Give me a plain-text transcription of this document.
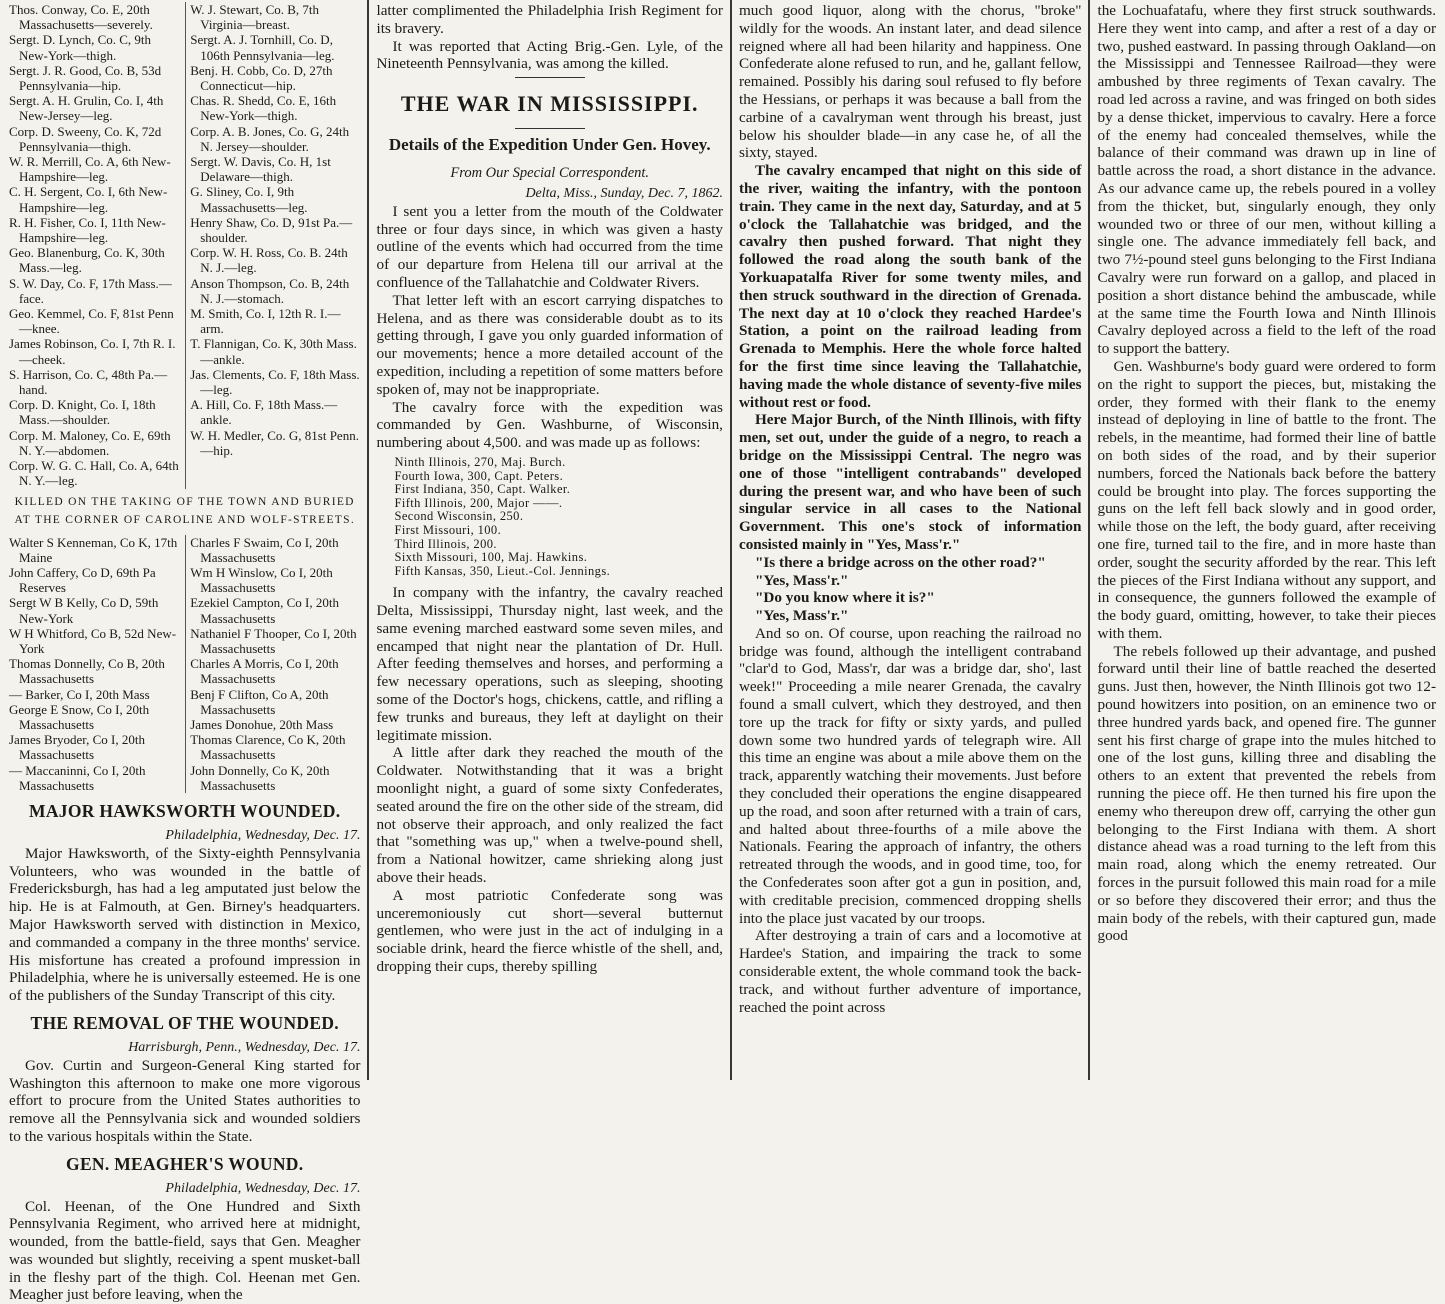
Thos. Conway, Co. E, 20th Massachusetts—severely.
Sergt. D. Lynch, Co. C, 9th New-York—thigh.
Sergt. J. R. Good, Co. B, 53d Pennsylvania—hip.
Sergt. A. H. Grulin, Co. I, 4th New-Jersey—leg.
Corp. D. Sweeny, Co. K, 72d Pennsylvania—thigh.
W. R. Merrill, Co. A, 6th New-Hampshire—leg.
C. H. Sergent, Co. I, 6th New-Hampshire—leg.
R. H. Fisher, Co. I, 11th New-Hampshire—leg.
Geo. Blanenburg, Co. K, 30th Mass.—leg.
S. W. Day, Co. F, 17th Mass.—face.
Geo. Kemmel, Co. F, 81st Penn—knee.
James Robinson, Co. I, 7th R. I.—cheek.
S. Harrison, Co. C, 48th Pa.—hand.
Corp. D. Knight, Co. I, 18th Mass.—shoulder.
Corp. M. Maloney, Co. E, 69th N. Y.—abdomen.
Corp. W. G. C. Hall, Co. A, 64th N. Y.—leg.
W. J. Stewart, Co. B, 7th Virginia—breast.
Sergt. A. J. Tornhill, Co. D, 106th Pennsylvania—leg.
Benj. H. Cobb, Co. D, 27th Connecticut—hip.
Chas. R. Shedd, Co. E, 16th New-York—thigh.
Corp. A. B. Jones, Co. G, 24th N. Jersey—shoulder.
Sergt. W. Davis, Co. H, 1st Delaware—thigh.
G. Sliney, Co. I, 9th Massachusetts—leg.
Henry Shaw, Co. D, 91st Pa.—shoulder.
Corp. W. H. Ross, Co. B. 24th N. J.—leg.
Anson Thompson, Co. B, 24th N. J.—stomach.
M. Smith, Co. I, 12th R. I.—arm.
T. Flannigan, Co. K, 30th Mass.—ankle.
Jas. Clements, Co. F, 18th Mass.—leg.
A. Hill, Co. F, 18th Mass.—ankle.
W. H. Medler, Co. G, 81st Penn.—hip.
KILLED ON THE TAKING OF THE TOWN AND BURIED AT THE CORNER OF CAROLINE AND WOLF-STREETS.
Walter S Kenneman, Co K, 17th Maine
John Caffery, Co D, 69th Pa Reserves
Sergt W B Kelly, Co D, 59th New-York
W H Whitford, Co B, 52d New-York
Thomas Donnelly, Co B, 20th Massachusetts
— Barker, Co I, 20th Mass
George E Snow, Co I, 20th Massachusetts
James Bryoder, Co I, 20th Massachusetts
— Maccaninni, Co I, 20th Massachusetts
Charles F Swaim, Co I, 20th Massachusetts
Wm H Winslow, Co I, 20th Massachusetts
Ezekiel Campton, Co I, 20th Massachusetts
Nathaniel F Thooper, Co I, 20th Massachusetts
Charles A Morris, Co I, 20th Massachusetts
Benj F Clifton, Co A, 20th Massachusetts
James Donohue, 20th Mass
Thomas Clarence, Co K, 20th Massachusetts
John Donnelly, Co K, 20th Massachusetts
MAJOR HAWKSWORTH WOUNDED.

Philadelphia, Wednesday, Dec. 17.

Major Hawksworth, of the Sixty-eighth Pennsylvania Volunteers, who was wounded in the battle of Fredericksburgh, has had a leg amputated just below the hip. He is at Falmouth, at Gen. Birney's headquarters. Major Hawksworth served with distinction in Mexico, and commanded a company in the three months' service. His misfortune has created a profound impression in Philadelphia, where he is universally esteemed. He is one of the publishers of the Sunday Transcript of this city.

THE REMOVAL OF THE WOUNDED.

Harrisburgh, Penn., Wednesday, Dec. 17.

Gov. Curtin and Surgeon-General King started for Washington this afternoon to make one more vigorous effort to procure from the United States authorities to remove all the Pennsylvania sick and wounded soldiers to the various hospitals within the State.

GEN. MEAGHER'S WOUND.

Philadelphia, Wednesday, Dec. 17.

Col. Heenan, of the One Hundred and Sixth Pennsylvania Regiment, who arrived here at midnight, wounded, from the battle-field, says that Gen. Meagher was wounded but slightly, receiving a spent musket-ball in the fleshy part of the thigh. Col. Heenan met Gen. Meagher just before leaving, when the

latter complimented the Philadelphia Irish Regiment for its bravery.

It was reported that Acting Brig.-Gen. Lyle, of the Nineteenth Pennsylvania, was among the killed.

THE WAR IN MISSISSIPPI.
Details of the Expedition Under Gen. Hovey.
From Our Special Correspondent.

Delta, Miss., Sunday, Dec. 7, 1862.

I sent you a letter from the mouth of the Coldwater three or four days since, in which was given a hasty outline of the events which had occurred from the time of our departure from Helena till our arrival at the confluence of the Tallahatchie and Coldwater Rivers.

That letter left with an escort carrying dispatches to Helena, and as there was considerable doubt as to its getting through, I gave you only guarded information of our movements; hence a more detailed account of the expedition, including a repetition of some matters before spoken of, may not be inappropriate.

The cavalry force with the expedition was commanded by Gen. Washburne, of Wisconsin, numbering about 4,500. and was made up as follows:

Ninth Illinois, 270, Maj. Burch.
Fourth Iowa, 300, Capt. Peters.
First Indiana, 350, Capt. Walker.
Fifth Illinois, 200, Major ——.
Second Wisconsin, 250.
First Missouri, 100.
Third Illinois, 200.
Sixth Missouri, 100, Maj. Hawkins.
Fifth Kansas, 350, Lieut.-Col. Jennings.

In company with the infantry, the cavalry reached Delta, Mississippi, Thursday night, last week, and the same evening marched eastward some seven miles, and encamped that night near the plantation of Dr. Hull. After feeding themselves and horses, and performing a few necessary operations, such as sleeping, shooting some of the Doctor's hogs, chickens, cattle, and rifling a few trunks and bureaus, they left at daylight on their legitimate mission.

A little after dark they reached the mouth of the Coldwater. Notwithstanding that it was a bright moonlight night, a guard of some sixty Confederates, seated around the fire on the other side of the stream, did not observe their approach, and only realized the fact that "something was up," when a twelve-pound shell, from a National howitzer, came shrieking along just above their heads.

A most patriotic Confederate song was unceremoniously cut short—several butternut gentlemen, who were just in the act of indulging in a sociable drink, heard the fierce whistle of the shell, and, dropping their cups, thereby spilling

much good liquor, along with the chorus, "broke" wildly for the woods. An instant later, and dead silence reigned where all had been hilarity and happiness. One Confederate alone refused to run, and he, gallant fellow, remained. Possibly his daring soul refused to fly before the Hessians, or perhaps it was because a ball from the carbine of a cavalryman went through his breast, just below his shoulder blade—in any case he, of all the sixty, stayed.

The cavalry encamped that night on this side of the river, waiting the infantry, with the pontoon train. They came in the next day, Saturday, and at 5 o'clock the Tallahatchie was bridged, and the cavalry then pushed forward. That night they followed the road along the south bank of the Yorkuapatalfa River for some twenty miles, and then struck southward in the direction of Grenada. The next day at 10 o'clock they reached Hardee's Station, a point on the railroad leading from Grenada to Memphis. Here the whole force halted for the first time since leaving the Tallahatchie, having made the whole distance of seventy-five miles without rest or food.

Here Major Burch, of the Ninth Illinois, with fifty men, set out, under the guide of a negro, to reach a bridge on the Mississippi Central. The negro was one of those "intelligent contrabands" developed during the present war, and who have been of such singular service in all cases to the National Government. This one's stock of information consisted mainly in "Yes, Mass'r."

"Is there a bridge across on the other road?"

"Yes, Mass'r."

"Do you know where it is?"

"Yes, Mass'r."

And so on. Of course, upon reaching the railroad no bridge was found, although the intelligent contraband "clar'd to God, Mass'r, dar was a bridge dar, sho', last week!" Proceeding a mile nearer Grenada, the cavalry found a small culvert, which they destroyed, and then tore up the track for fifty or sixty yards, and pulled down some two hundred yards of telegraph wire. All this time an engine was about a mile above them on the track, apparently watching their movements. Just before they concluded their operations the engine disappeared up the road, and soon after returned with a train of cars, and halted about three-fourths of a mile above the Nationals. Fearing the approach of infantry, the others retreated through the woods, and in good time, too, for the Confederates soon after got a gun in position, and, with creditable precision, commenced dropping shells into the place just vacated by our troops.

After destroying a train of cars and a locomotive at Hardee's Station, and impairing the track to some considerable extent, the whole command took the back-track, and without further adventure of importance, reached the point across

the Lochuafatafu, where they first struck southwards. Here they went into camp, and after a rest of a day or two, pushed eastward. In passing through Oakland—on the Mississippi and Tennessee Railroad—they were ambushed by three regiments of Texan cavalry. The road led across a ravine, and was fringed on both sides by a dense thicket, impervious to cavalry. Here a force of the enemy had concealed themselves, while the balance of their command was drawn up in line of battle across the road, a short distance in the advance. As our advance came up, the rebels poured in a volley from the thicket, but, singularly enough, they only wounded two or three of our men, without killing a single one. The advance immediately fell back, and two 7½-pound steel guns belonging to the First Indiana Cavalry were run forward on a gallop, and placed in position a short distance behind the ambuscade, while at the same time the Fourth Iowa and Ninth Illinois Cavalry deployed across a field to the left of the road to support the battery.

Gen. Washburne's body guard were ordered to form on the right to support the pieces, but, mistaking the order, they formed with their flank to the enemy instead of deploying in line of battle to the front. The rebels, in the meantime, had formed their line of battle on both sides of the road, and by their superior numbers, forced the Nationals back before the battery could be brought into play. The forces supporting the guns on the left fell back slowly and in good order, while those on the left, the body guard, after receiving one fire, turned tail to the fire, and in more haste than order, sought the security afforded by the rear. This left the pieces of the First Indiana without any support, and in consequence, the gunners followed the example of the body guard, omitting, however, to take their pieces with them.

The rebels followed up their advantage, and pushed forward until their line of battle reached the deserted guns. Just then, however, the Ninth Illinois got two 12-pound howitzers into position, on an eminence two or three hundred yards back, and opened fire. The gunner sent his first charge of grape into the mules hitched to one of the lost guns, killing three and disabling the others to an extent that prevented the rebels from running the piece off. He then turned his fire upon the enemy who thereupon drew off, carrying the other gun belonging to the First Indiana with them. A short distance ahead was a road turning to the left from this main road, along which the enemy retreated. Our forces in the pursuit followed this main road for a mile or so before they discovered their error; and thus the main body of the rebels, with their captured gun, made good
